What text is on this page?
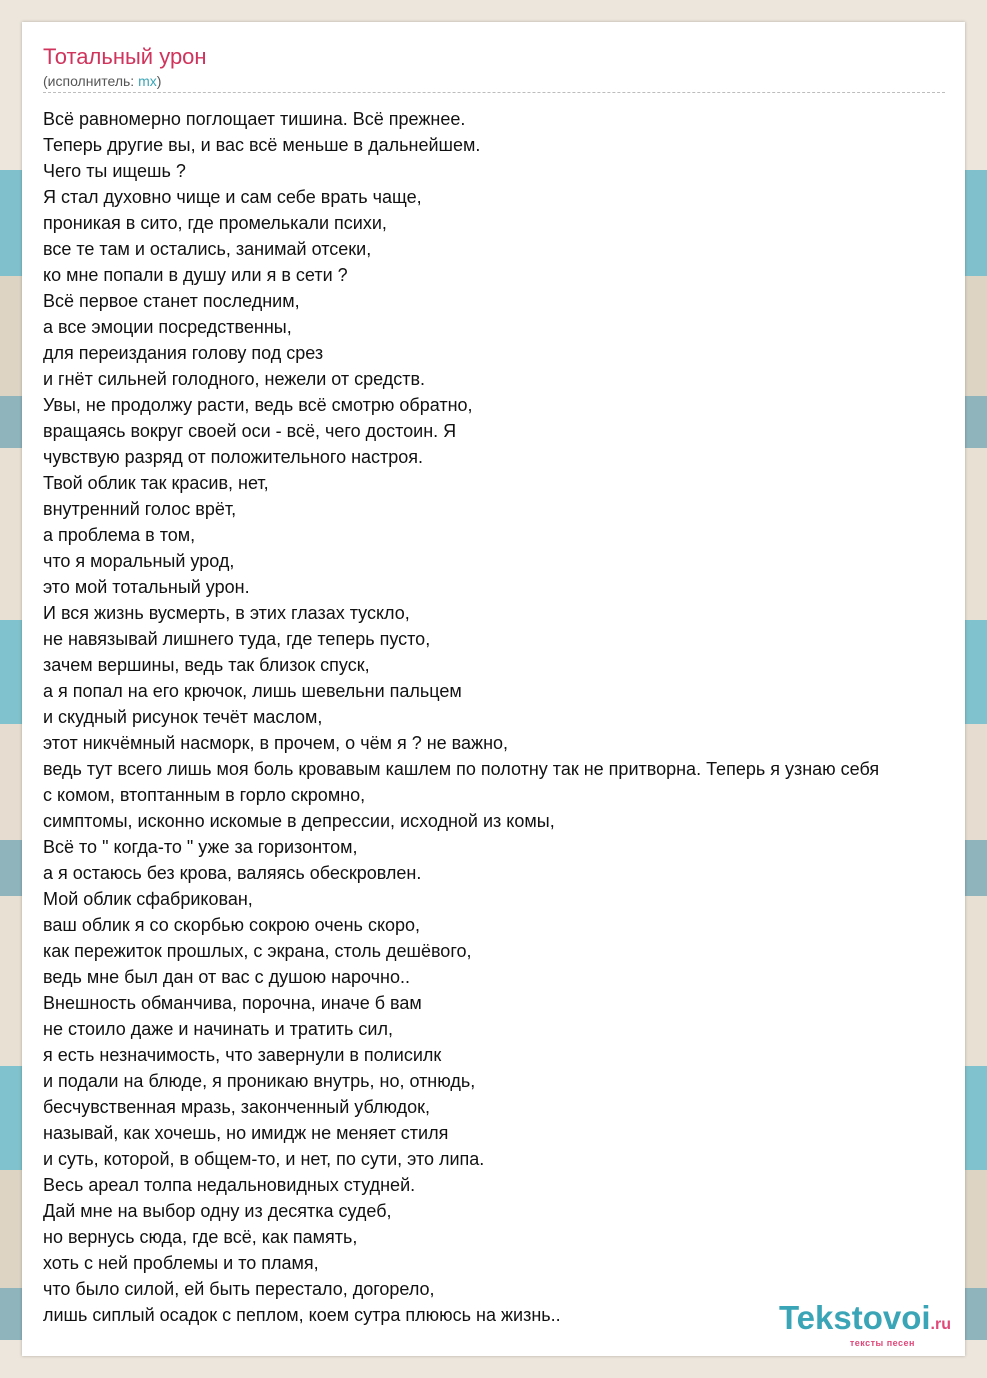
Тотальный урон
(исполнитель: mx)
Всё равномерно поглощает тишина. Всё прежнее.
Теперь другие вы, и вас всё меньше в дальнейшем.
Чего ты ищешь ?
Я стал духовно чище и сам себе врать чаще,
проникая в сито, где промелькали психи,
все те там и остались, занимай отсеки,
ко мне попали в душу или я в сети ?
Всё первое станет последним,
а все эмоции посредственны,
для переиздания голову под срез
и гнёт сильней голодного, нежели от средств.
Увы, не продолжу расти, ведь всё смотрю обратно,
вращаясь вокруг своей оси - всё, чего достоин. Я
чувствую разряд от положительного настроя.
Твой облик так красив, нет,
внутренний голос врёт,
а проблема в том,
что я моральный урод,
это мой тотальный урон.
И вся жизнь вусмерть, в этих глазах тускло,
не навязывай лишнего туда, где теперь пусто,
зачем вершины, ведь так близок спуск,
а я попал на его крючок, лишь шевельни пальцем
и скудный рисунок течёт маслом,
этот никчёмный насморк, в прочем, о чём я ? не важно,
ведь тут всего лишь моя боль кровавым кашлем по полотну так не притворна. Теперь я узнаю себя
с комом, втоптанным в горло скромно,
симптомы, исконно искомые в депрессии, исходной из комы,
Всё то " когда-то " уже за горизонтом,
а я остаюсь без крова, валяясь обескровлен.
Мой облик сфабрикован,
ваш облик я со скорбью сокрою очень скоро,
как пережиток прошлых, с экрана, столь дешёвого,
ведь мне был дан от вас с душою нарочно..
Внешность обманчива, порочна, иначе б вам
не стоило даже и начинать и тратить сил,
я есть незначимость, что завернули в полисилк
и подали на блюде, я проникаю внутрь, но, отнюдь,
бесчувственная мразь, законченный ублюдок,
называй, как хочешь, но имидж не меняет стиля
и суть, которой, в общем-то, и нет, по сути, это липа.
Весь ареал толпа недальновидных студней.
Дай мне на выбор одну из десятка судеб,
но вернусь сюда, где всё, как память,
хоть с ней проблемы и то пламя,
что было силой, ей быть перестало, догорело,
лишь сиплый осадок с пеплом, коем сутра плююсь на жизнь..	Tekstovoi.ru
тексты песен
